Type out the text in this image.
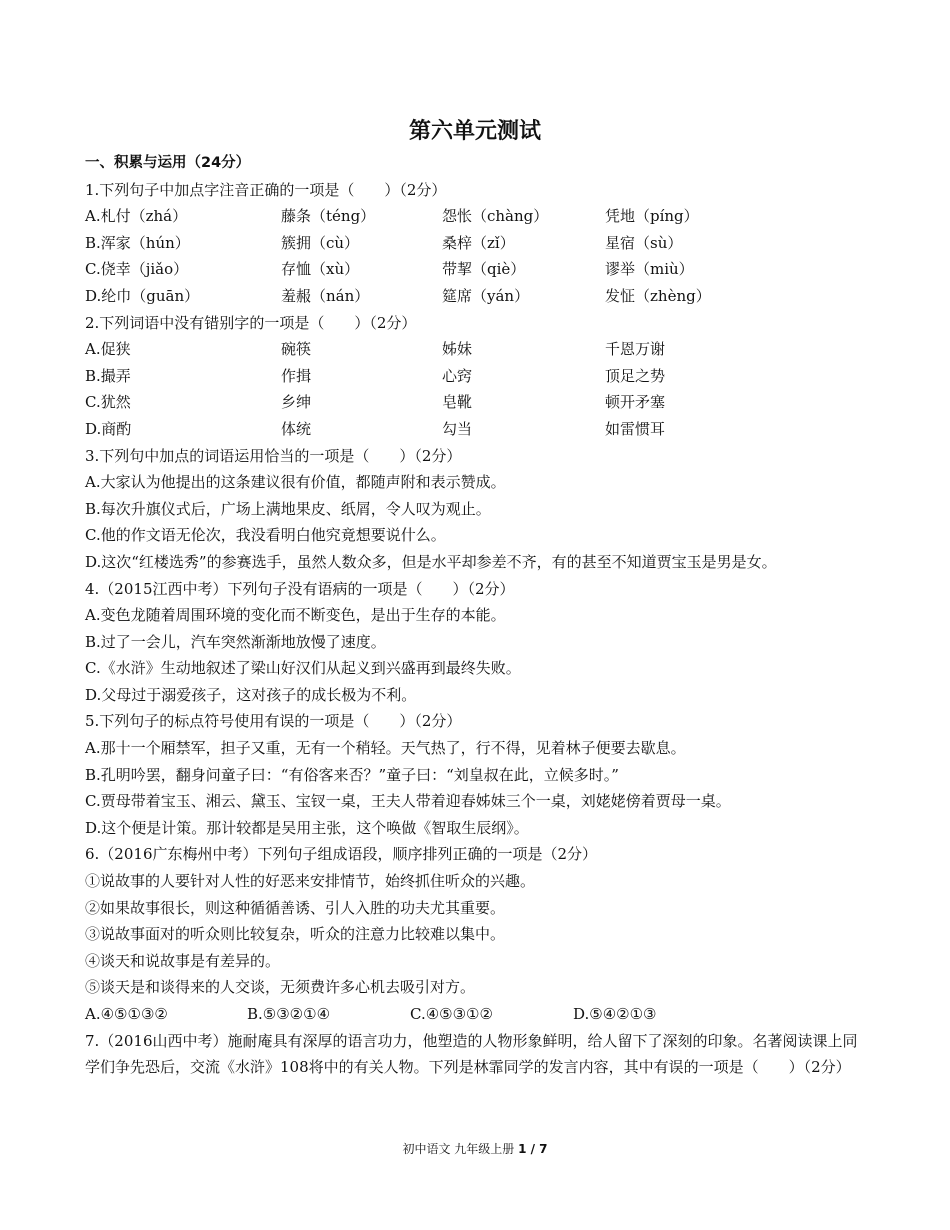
第六单元测试
一、积累与运用（24分）
1.下列句子中加点字注音正确的一项是（　　）（2分）
A.札付（zhá）	藤条（téng）	怨怅（chàng）	凭地（píng）
B.浑家（hún）	簇拥（cù）	桑梓（zǐ）	星宿（sù）
C.侥幸（jiǎo）	存恤（xù）	带挈（qiè）	谬举（miù）
D.纶巾（guān）	羞赧（nán）	筵席（yán）	发怔（zhèng）
2.下列词语中没有错别字的一项是（　　）（2分）
A.促狭	碗筷	姊妹	千恩万谢
B.撮弄	作揖	心窍	顶足之势
C.犹然	乡绅	皂靴	顿开矛塞
D.商酌	体统	勾当	如雷惯耳
3.下列句中加点的词语运用恰当的一项是（　　）（2分）
A.大家认为他提出的这条建议很有价值，都随声附和表示赞成。
B.每次升旗仪式后，广场上满地果皮、纸屑，令人叹为观止。
C.他的作文语无伦次，我没看明白他究竟想要说什么。
D.这次“红楼选秀”的参赛选手，虽然人数众多，但是水平却参差不齐，有的甚至不知道贾宝玉是男是女。
4.（2015江西中考）下列句子没有语病的一项是（　　）（2分）
A.变色龙随着周围环境的变化而不断变色，是出于生存的本能。
B.过了一会儿，汽车突然渐渐地放慢了速度。
C.《水浒》生动地叙述了梁山好汉们从起义到兴盛再到最终失败。
D.父母过于溺爱孩子，这对孩子的成长极为不利。
5.下列句子的标点符号使用有误的一项是（　　）（2分）
A.那十一个厢禁军，担子又重，无有一个稍轻。天气热了，行不得，见着林子便要去歇息。
B.孔明吟罢，翻身问童子曰：“有俗客来否？”童子曰：“刘皇叔在此，立候多时。”
C.贾母带着宝玉、湘云、黛玉、宝钗一桌，王夫人带着迎春姊妹三个一桌，刘姥姥傍着贾母一桌。
D.这个便是计策。那计较都是吴用主张，这个唤做《智取生辰纲》。
6.（2016广东梅州中考）下列句子组成语段，顺序排列正确的一项是（2分）
①说故事的人要针对人性的好恶来安排情节，始终抓住听众的兴趣。
②如果故事很长，则这种循循善诱、引人入胜的功夫尤其重要。
③说故事面对的听众则比较复杂，听众的注意力比较难以集中。
④谈天和说故事是有差异的。
⑤谈天是和谈得来的人交谈，无须费许多心机去吸引对方。
A.④⑤①③②	B.⑤③②①④	C.④⑤③①②	D.⑤④②①③
7.（2016山西中考）施耐庵具有深厚的语言功力，他塑造的人物形象鲜明，给人留下了深刻的印象。名著阅读课上同学们争先恐后，交流《水浒》108将中的有关人物。下列是林霏同学的发言内容，其中有误的一项是（　　）（2分）
初中语文 九年级上册 1 / 7
